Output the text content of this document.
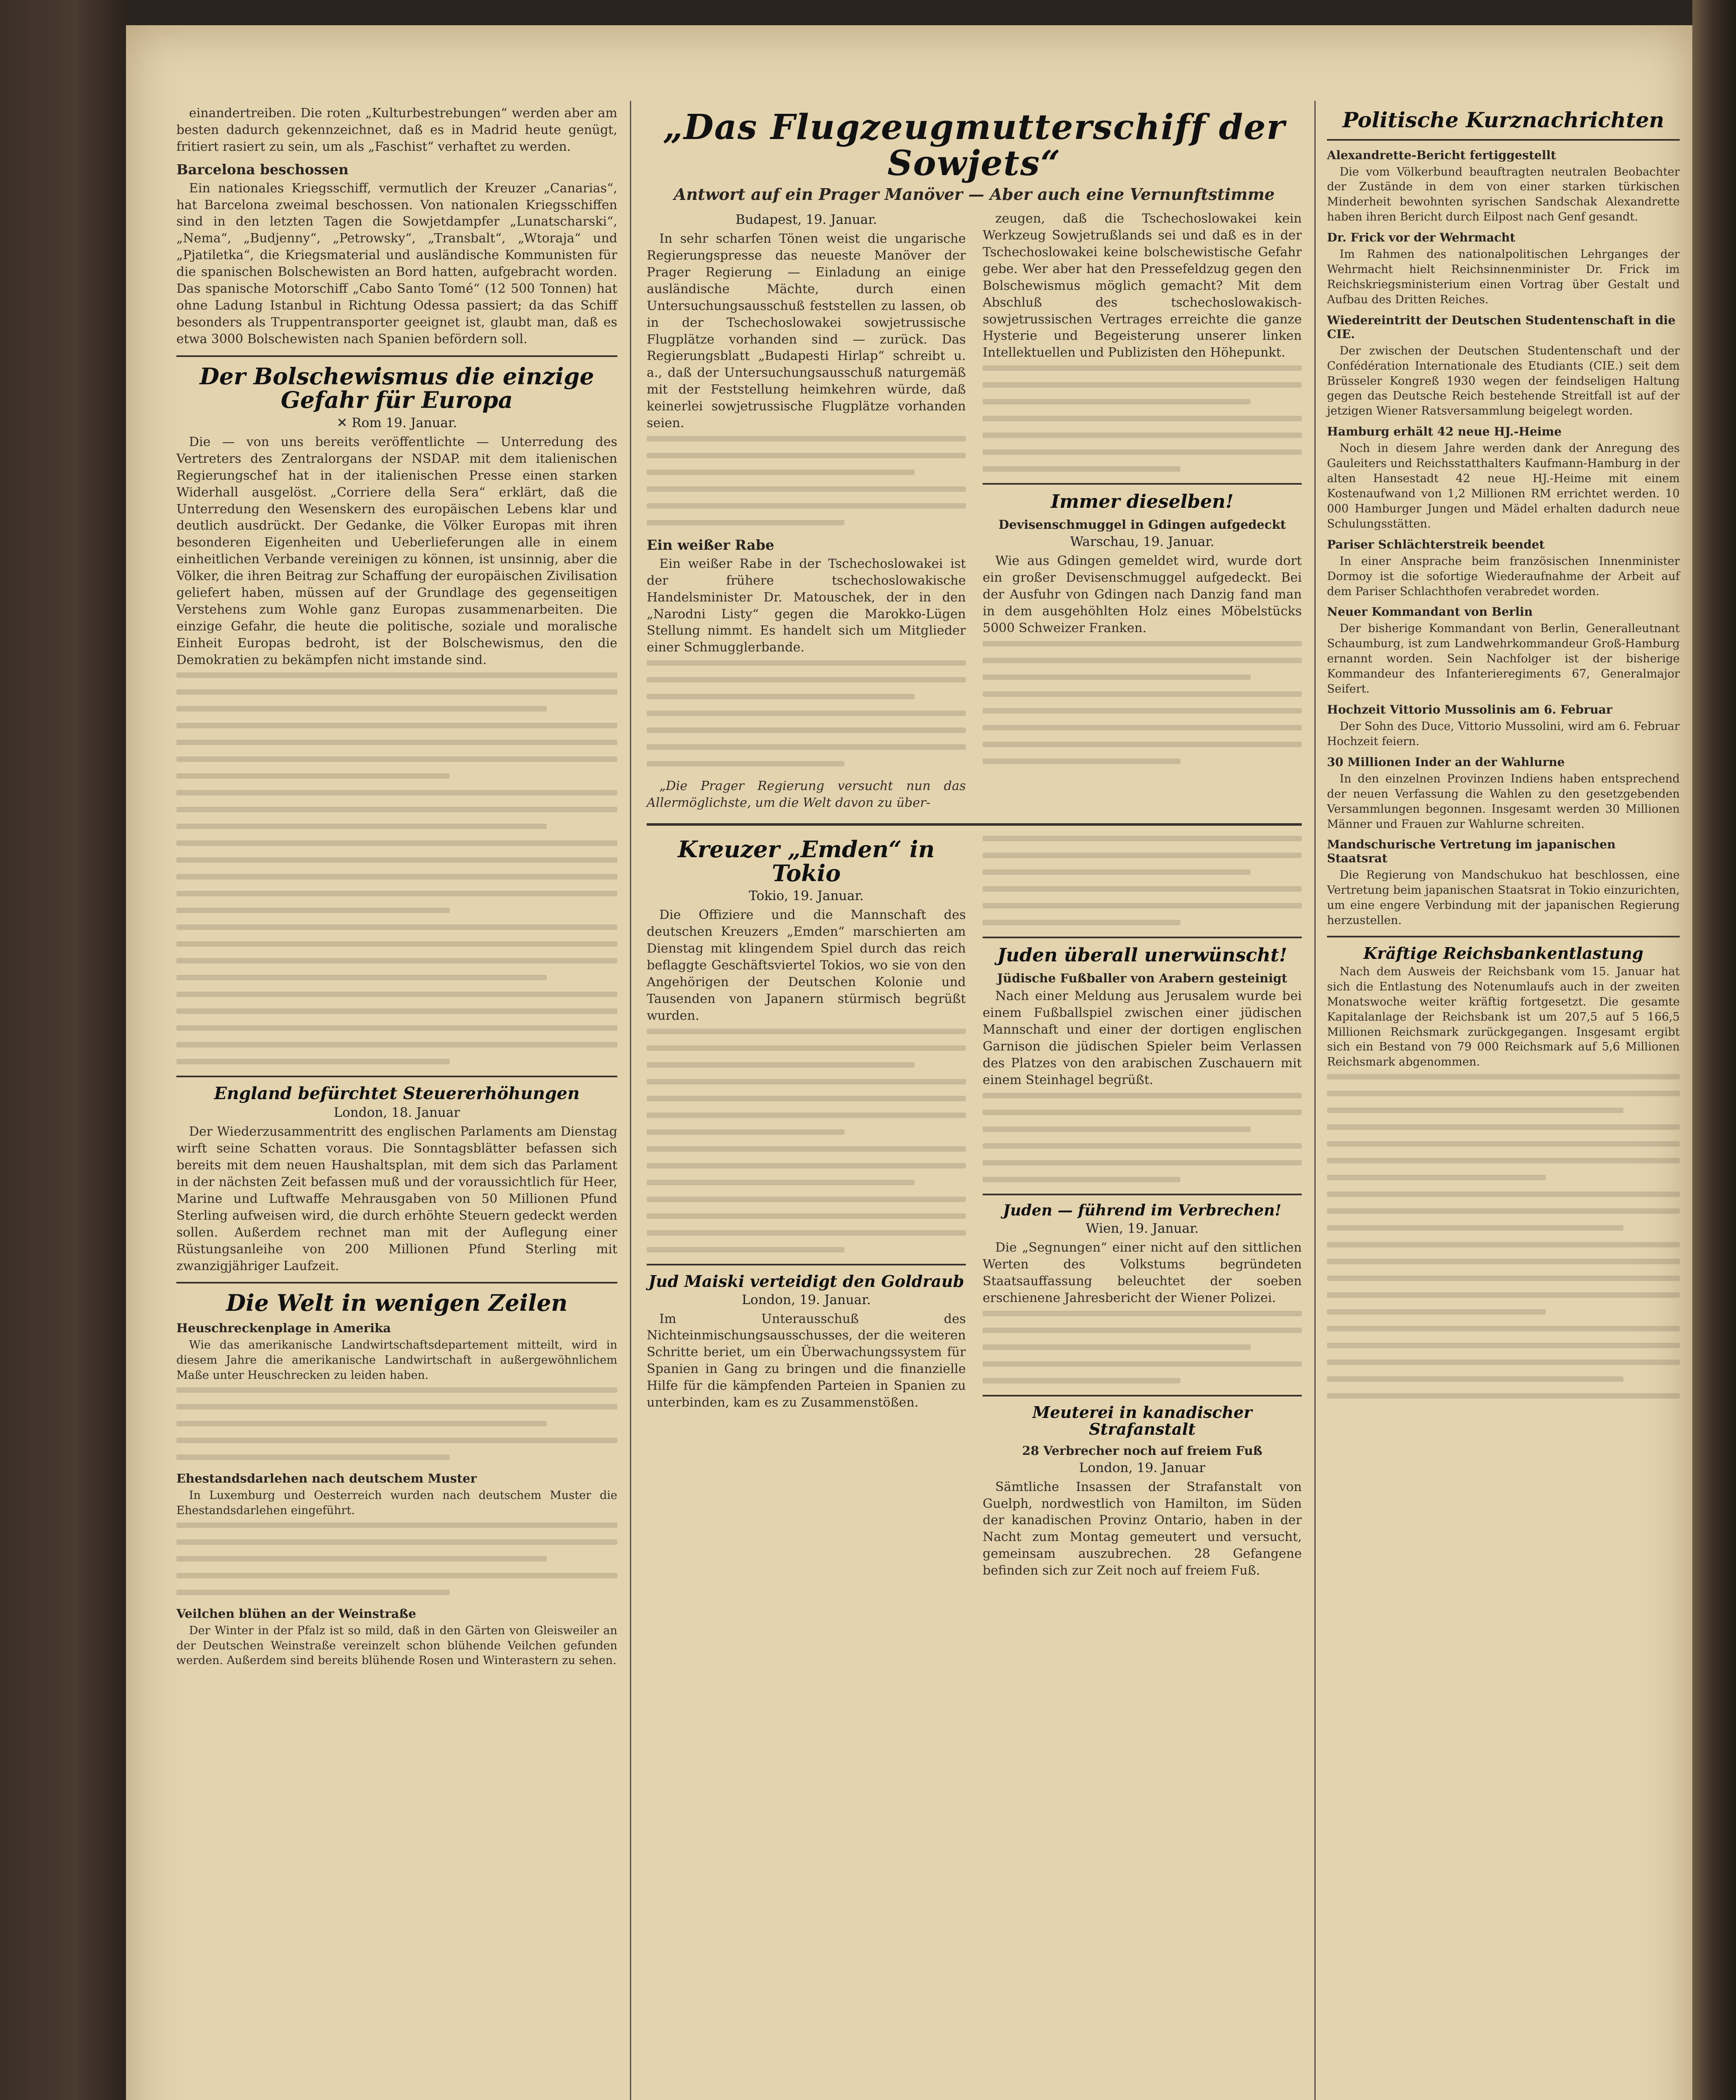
einandertreiben. Die roten „Kulturbestrebungen“ werden aber am besten dadurch gekennzeichnet, daß es in Madrid heute genügt, fritiert rasiert zu sein, um als „Faschist“ verhaftet zu werden.

Barcelona beschossen

Ein nationales Kriegsschiff, vermutlich der Kreuzer „Canarias“, hat Barcelona zweimal beschossen. Von nationalen Kriegsschiffen sind in den letzten Tagen die Sowjetdampfer „Lunatscharski“, „Nema“, „Budjenny“, „Petrowsky“, „Transbalt“, „Wtoraja“ und „Pjatiletka“, die Kriegsmaterial und ausländische Kommunisten für die spanischen Bolschewisten an Bord hatten, aufgebracht worden. Das spanische Motorschiff „Cabo Santo Tomé“ (12 500 Tonnen) hat ohne Ladung Istanbul in Richtung Odessa passiert; da das Schiff besonders als Truppentransporter geeignet ist, glaubt man, daß es etwa 3000 Bolschewisten nach Spanien befördern soll.

Der Bolschewismus die einzige Gefahr für Europa
✕ Rom 19. Januar.

Die — von uns bereits veröffentlichte — Unterredung des Vertreters des Zentralorgans der NSDAP. mit dem italienischen Regierungschef hat in der italienischen Presse einen starken Widerhall ausgelöst. „Corriere della Sera“ erklärt, daß die Unterredung den Wesenskern des europäischen Lebens klar und deutlich ausdrückt. Der Gedanke, die Völker Europas mit ihren besonderen Eigenheiten und Ueberlieferungen alle in einem einheitlichen Verbande vereinigen zu können, ist unsinnig, aber die Völker, die ihren Beitrag zur Schaffung der europäischen Zivilisation geliefert haben, müssen auf der Grundlage des gegenseitigen Verstehens zum Wohle ganz Europas zusammenarbeiten. Die einzige Gefahr, die heute die politische, soziale und moralische Einheit Europas bedroht, ist der Bolschewismus, den die Demokratien zu bekämpfen nicht imstande sind.

England befürchtet Steuererhöhungen
London, 18. Januar

Der Wiederzusammentritt des englischen Parlaments am Dienstag wirft seine Schatten voraus. Die Sonntagsblätter befassen sich bereits mit dem neuen Haushaltsplan, mit dem sich das Parlament in der nächsten Zeit befassen muß und der voraussichtlich für Heer, Marine und Luftwaffe Mehrausgaben von 50 Millionen Pfund Sterling aufweisen wird, die durch erhöhte Steuern gedeckt werden sollen. Außerdem rechnet man mit der Auflegung einer Rüstungsanleihe von 200 Millionen Pfund Sterling mit zwanzigjähriger Laufzeit.

Die Welt in wenigen Zeilen
Heuschreckenplage in Amerika

Wie das amerikanische Landwirtschaftsdepartement mitteilt, wird in diesem Jahre die amerikanische Landwirtschaft in außergewöhnlichem Maße unter Heuschrecken zu leiden haben.

Ehestandsdarlehen nach deutschem Muster

In Luxemburg und Oesterreich wurden nach deutschem Muster die Ehestandsdarlehen eingeführt.

Veilchen blühen an der Weinstraße

Der Winter in der Pfalz ist so mild, daß in den Gärten von Gleisweiler an der Deutschen Weinstraße vereinzelt schon blühende Veilchen gefunden werden. Außerdem sind bereits blühende Rosen und Winterastern zu sehen.

„Das Flugzeugmutterschiff der Sowjets“
Antwort auf ein Prager Manöver — Aber auch eine Vernunftstimme
Budapest, 19. Januar.

In sehr scharfen Tönen weist die ungarische Regierungspresse das neueste Manöver der Prager Regierung — Einladung an einige ausländische Mächte, durch einen Untersuchungsausschuß feststellen zu lassen, ob in der Tschechoslowakei sowjetrussische Flugplätze vorhanden sind — zurück. Das Regierungsblatt „Budapesti Hirlap“ schreibt u. a., daß der Untersuchungsausschuß naturgemäß mit der Feststellung heimkehren würde, daß keinerlei sowjetrussische Flugplätze vorhanden seien.

Ein weißer Rabe

Ein weißer Rabe in der Tschechoslowakei ist der frühere tschechoslowakische Handelsminister Dr. Matouschek, der in den „Narodni Listy“ gegen die Marokko-Lügen Stellung nimmt. Es handelt sich um Mitglieder einer Schmugglerbande.

„Die Prager Regierung versucht nun das Allermöglichste, um die Welt davon zu über-

zeugen, daß die Tschechoslowakei kein Werkzeug Sowjetrußlands sei und daß es in der Tschechoslowakei keine bolschewistische Gefahr gebe. Wer aber hat den Pressefeldzug gegen den Bolschewismus möglich gemacht? Mit dem Abschluß des tschechoslowakisch-sowjetrussischen Vertrages erreichte die ganze Hysterie und Begeisterung unserer linken Intellektuellen und Publizisten den Höhepunkt.

Immer dieselben!
Devisenschmuggel in Gdingen aufgedeckt
Warschau, 19. Januar.

Wie aus Gdingen gemeldet wird, wurde dort ein großer Devisenschmuggel aufgedeckt. Bei der Ausfuhr von Gdingen nach Danzig fand man in dem ausgehöhlten Holz eines Möbelstücks 5000 Schweizer Franken.

Kreuzer „Emden“ in Tokio
Tokio, 19. Januar.

Die Offiziere und die Mannschaft des deutschen Kreuzers „Emden“ marschierten am Dienstag mit klingendem Spiel durch das reich beflaggte Geschäftsviertel Tokios, wo sie von den Angehörigen der Deutschen Kolonie und Tausenden von Japanern stürmisch begrüßt wurden.

Jud Maiski verteidigt den Goldraub
London, 19. Januar.

Im Unterausschuß des Nichteinmischungsausschusses, der die weiteren Schritte beriet, um ein Überwachungssystem für Spanien in Gang zu bringen und die finanzielle Hilfe für die kämpfenden Parteien in Spanien zu unterbinden, kam es zu Zusammenstößen.

Juden überall unerwünscht!
Jüdische Fußballer von Arabern gesteinigt

Nach einer Meldung aus Jerusalem wurde bei einem Fußballspiel zwischen einer jüdischen Mannschaft und einer der dortigen englischen Garnison die jüdischen Spieler beim Verlassen des Platzes von den arabischen Zuschauern mit einem Steinhagel begrüßt.

Juden — führend im Verbrechen!
Wien, 19. Januar.

Die „Segnungen“ einer nicht auf den sittlichen Werten des Volkstums begründeten Staatsauffassung beleuchtet der soeben erschienene Jahresbericht der Wiener Polizei.

Meuterei in kanadischer Strafanstalt
28 Verbrecher noch auf freiem Fuß
London, 19. Januar

Sämtliche Insassen der Strafanstalt von Guelph, nordwestlich von Hamilton, im Süden der kanadischen Provinz Ontario, haben in der Nacht zum Montag gemeutert und versucht, gemeinsam auszubrechen. 28 Gefangene befinden sich zur Zeit noch auf freiem Fuß.

Politische Kurznachrichten
Alexandrette-Bericht fertiggestellt

Die vom Völkerbund beauftragten neutralen Beobachter der Zustände in dem von einer starken türkischen Minderheit bewohnten syrischen Sandschak Alexandrette haben ihren Bericht durch Eilpost nach Genf gesandt.

Dr. Frick vor der Wehrmacht

Im Rahmen des nationalpolitischen Lehrganges der Wehrmacht hielt Reichsinnenminister Dr. Frick im Reichskriegsministerium einen Vortrag über Gestalt und Aufbau des Dritten Reiches.

Wiedereintritt der Deutschen Studentenschaft in die CIE.

Der zwischen der Deutschen Studentenschaft und der Confédération Internationale des Etudiants (CIE.) seit dem Brüsseler Kongreß 1930 wegen der feindseligen Haltung gegen das Deutsche Reich bestehende Streitfall ist auf der jetzigen Wiener Ratsversammlung beigelegt worden.

Hamburg erhält 42 neue HJ.-Heime

Noch in diesem Jahre werden dank der Anregung des Gauleiters und Reichsstatthalters Kaufmann-Hamburg in der alten Hansestadt 42 neue HJ.-Heime mit einem Kostenaufwand von 1,2 Millionen RM errichtet werden. 10 000 Hamburger Jungen und Mädel erhalten dadurch neue Schulungsstätten.

Pariser Schlächterstreik beendet

In einer Ansprache beim französischen Innenminister Dormoy ist die sofortige Wiederaufnahme der Arbeit auf dem Pariser Schlachthofen verabredet worden.

Neuer Kommandant von Berlin

Der bisherige Kommandant von Berlin, Generalleutnant Schaumburg, ist zum Landwehrkommandeur Groß-Hamburg ernannt worden. Sein Nachfolger ist der bisherige Kommandeur des Infanterieregiments 67, Generalmajor Seifert.

Hochzeit Vittorio Mussolinis am 6. Februar

Der Sohn des Duce, Vittorio Mussolini, wird am 6. Februar Hochzeit feiern.

30 Millionen Inder an der Wahlurne

In den einzelnen Provinzen Indiens haben entsprechend der neuen Verfassung die Wahlen zu den gesetzgebenden Versammlungen begonnen. Insgesamt werden 30 Millionen Männer und Frauen zur Wahlurne schreiten.

Mandschurische Vertretung im japanischen Staatsrat

Die Regierung von Mandschukuo hat beschlossen, eine Vertretung beim japanischen Staatsrat in Tokio einzurichten, um eine engere Verbindung mit der japanischen Regierung herzustellen.

Kräftige Reichsbankentlastung

Nach dem Ausweis der Reichsbank vom 15. Januar hat sich die Entlastung des Notenumlaufs auch in der zweiten Monatswoche weiter kräftig fortgesetzt. Die gesamte Kapitalanlage der Reichsbank ist um 207,5 auf 5 166,5 Millionen Reichsmark zurückgegangen. Insgesamt ergibt sich ein Bestand von 79 000 Reichsmark auf 5,6 Millionen Reichsmark abgenommen.
